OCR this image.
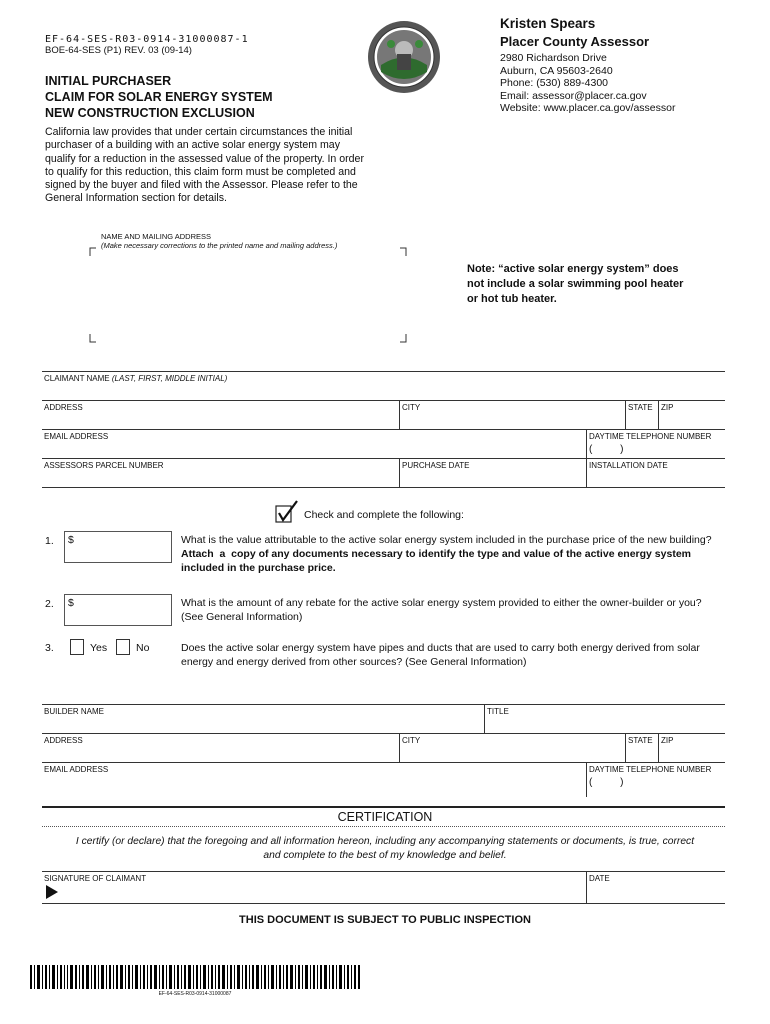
EF-64-SES-R03-0914-31000087-1
BOE-64-SES (P1) REV. 03 (09-14)
INITIAL PURCHASER
CLAIM FOR SOLAR ENERGY SYSTEM
NEW CONSTRUCTION EXCLUSION
Kristen Spears
Placer County Assessor
2980 Richardson Drive
Auburn, CA 95603-2640
Phone: (530) 889-4300
Email: assessor@placer.ca.gov
Website: www.placer.ca.gov/assessor
California law provides that under certain circumstances the initial
purchaser of a building with an active solar energy system may
qualify for a reduction in the assessed value of the property. In order
to qualify for this reduction, this claim form must be completed and
signed by the buyer and filed with the Assessor. Please refer to the
General Information section for details.
NAME AND MAILING ADDRESS
(Make necessary corrections to the printed name and mailing address.)
Note: “active solar energy system” does
not include a solar swimming pool heater
or hot tub heater.
CLAIMANT NAME (LAST, FIRST, MIDDLE INITIAL)
ADDRESS	CITY	STATE ZIP
EMAIL ADDRESS	DAYTIME TELEPHONE NUMBER
(          )
ASSESSORS PARCEL NUMBER	PURCHASE DATE	INSTALLATION DATE
Check and complete the following:
1. $	What is the value attributable to the active solar energy system included in the purchase price of the new building?
Attach  a  copy of any documents necessary to identify the type and value of the active energy system
included in the purchase price.
2. $	What is the amount of any rebate for the active solar energy system provided to either the owner-builder or you?
(See General Information)
3.	Yes	No	Does the active solar energy system have pipes and ducts that are used to carry both energy derived from solar
energy and energy derived from other sources? (See General Information)
BUILDER NAME	TITLE
ADDRESS	CITY	STATE ZIP
EMAIL ADDRESS	DAYTIME TELEPHONE NUMBER
(          )
CERTIFICATION
I certify (or declare) that the foregoing and all information hereon, including any accompanying statements or documents, is true, correct
and complete to the best of my knowledge and belief.
SIGNATURE OF CLAIMANT	DATE
THIS DOCUMENT IS SUBJECT TO PUBLIC INSPECTION
EF-64-SES-R03-0914-31000087
